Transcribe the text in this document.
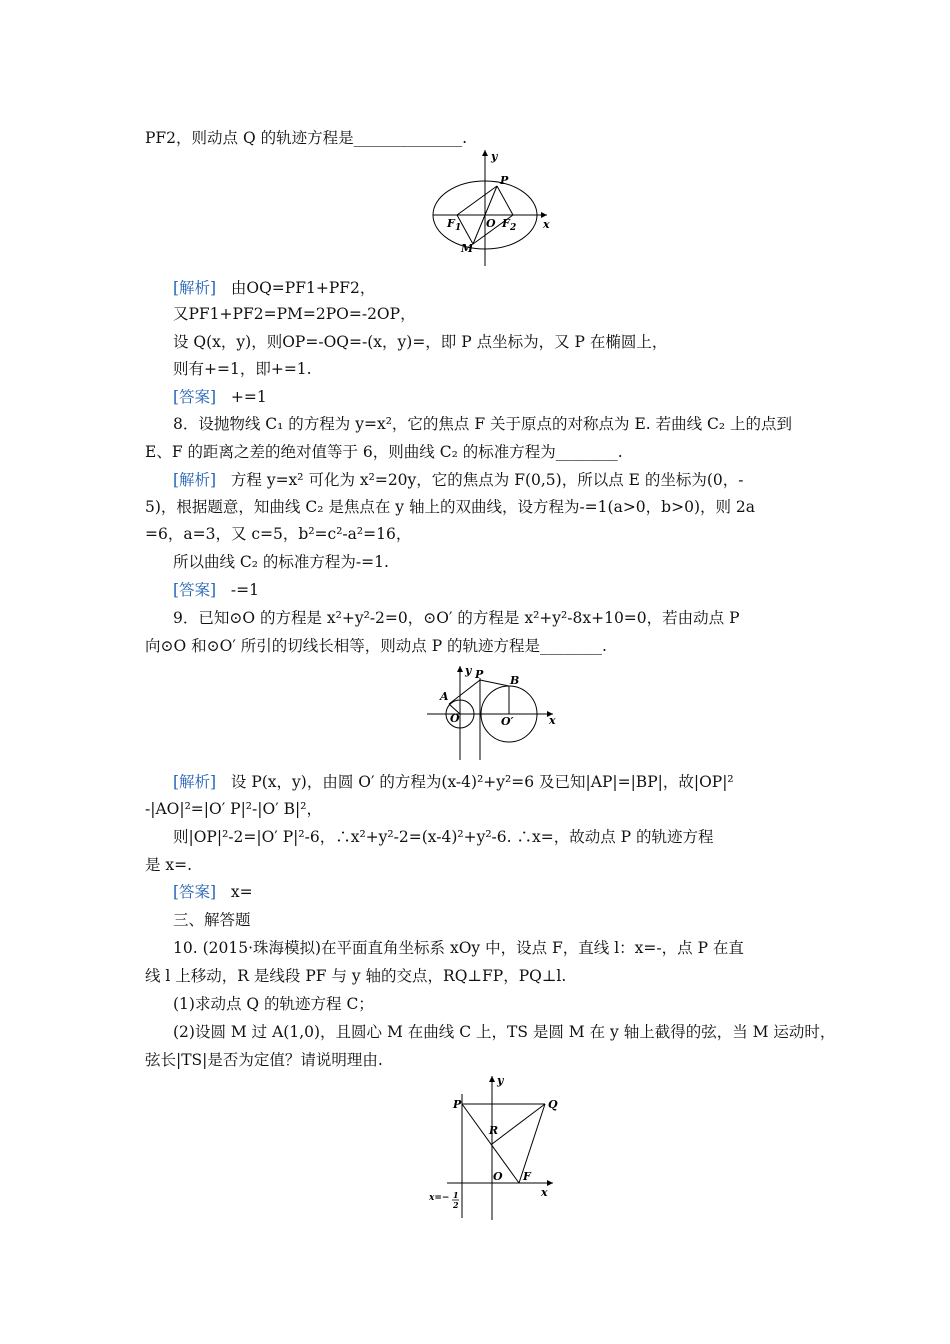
PF2，则动点 Q 的轨迹方程是______________.
y
x
P
F 1 O F 2
M
[解析] 由OQ=PF1+PF2，
又PF1+PF2=PM=2PO=-2OP，
设 Q(x，y)，则OP=-OQ=-(x，y)=，即 P 点坐标为，又 P 在椭圆上，
则有+=1，即+=1.
[答案] +=1
8．设抛物线 C₁ 的方程为 y=x²，它的焦点 F 关于原点的对称点为 E. 若曲线 C₂ 上的点到
E、F 的距离之差的绝对值等于 6，则曲线 C₂ 的标准方程为________.
[解析] 方程 y=x² 可化为 x²=20y，它的焦点为 F(0,5)，所以点 E 的坐标为(0，-
5)，根据题意，知曲线 C₂ 是焦点在 y 轴上的双曲线，设方程为-=1(a>0，b>0)，则 2a
=6，a=3，又 c=5，b²=c²-a²=16，
所以曲线 C₂ 的标准方程为-=1.
[答案] -=1
9．已知⊙O 的方程是 x²+y²-2=0，⊙O′ 的方程是 x²+y²-8x+10=0，若由动点 P
向⊙O 和⊙O′ 所引的切线长相等，则动点 P 的轨迹方程是________.
y
x
P
A
B
O	O′
[解析] 设 P(x，y)，由圆 O′ 的方程为(x-4)²+y²=6 及已知|AP|=|BP|，故|OP|²
-|AO|²=|O′ P|²-|O′ B|²，
则|OP|²-2=|O′ P|²-6，∴x²+y²-2=(x-4)²+y²-6. ∴x=，故动点 P 的轨迹方程
是 x=.
[答案] x=
三、解答题
10. (2015·珠海模拟)在平面直角坐标系 xOy 中，设点 F，直线 l：x=-，点 P 在直
线 l 上移动，R 是线段 PF 与 y 轴的交点，RQ⊥FP，PQ⊥l.
(1)求动点 Q 的轨迹方程 C；
(2)设圆 M 过 A(1,0)，且圆心 M 在曲线 C 上，TS 是圆 M 在 y 轴上截得的弦，当 M 运动时，
弦长|TS|是否为定值？请说明理由.
y
x
P	Q
R
O F
x=− 1
2
